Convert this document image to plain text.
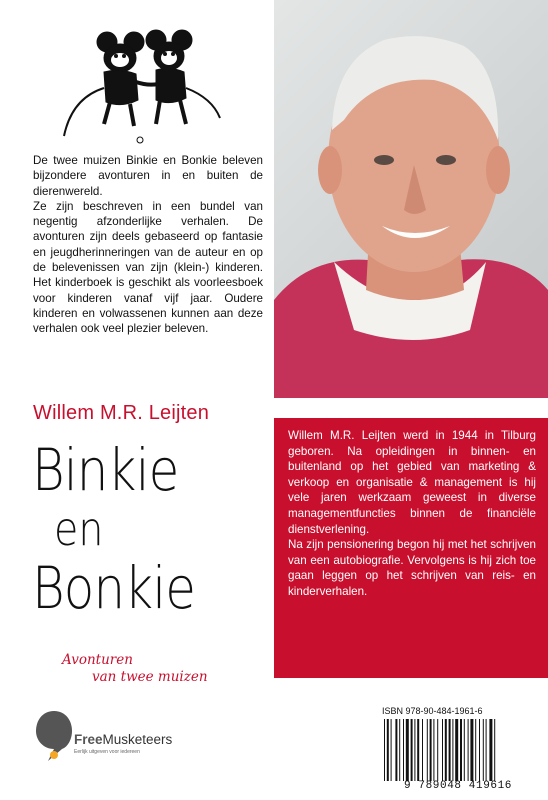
De twee muizen Binkie en Bonkie beleven bijzondere avonturen in en buiten de dierenwereld.

Ze zijn beschreven in een bundel van negentig afzonderlijke verhalen. De avonturen zijn deels gebaseerd op fantasie en jeugdherinneringen van de auteur en op de belevenissen van zijn (klein-) kinderen. Het kinderboek is geschikt als voorleesboek voor kinderen vanaf vijf jaar. Oudere kinderen en volwassenen kunnen aan deze verhalen ook veel plezier beleven.

Willem M.R. Leijten
Binkie
en
Bonkie
Avonturen
van twee muizen

Willem M.R. Leijten werd in 1944 in Tilburg geboren. Na opleidingen in binnen- en buitenland op het gebied van marketing & verkoop en organisatie & management is hij vele jaren werkzaam geweest in diverse managementfuncties binnen de financiële dienstverlening.

Na zijn pensionering begon hij met het schrijven van een autobiografie. Vervolgens is hij zich toe gaan leggen op het schrijven van reis- en kinderverhalen.

FreeMusketeers
Eerlijk uitgeven voor iedereen
ISBN 978-90-484-1961-6
9 789048 419616
